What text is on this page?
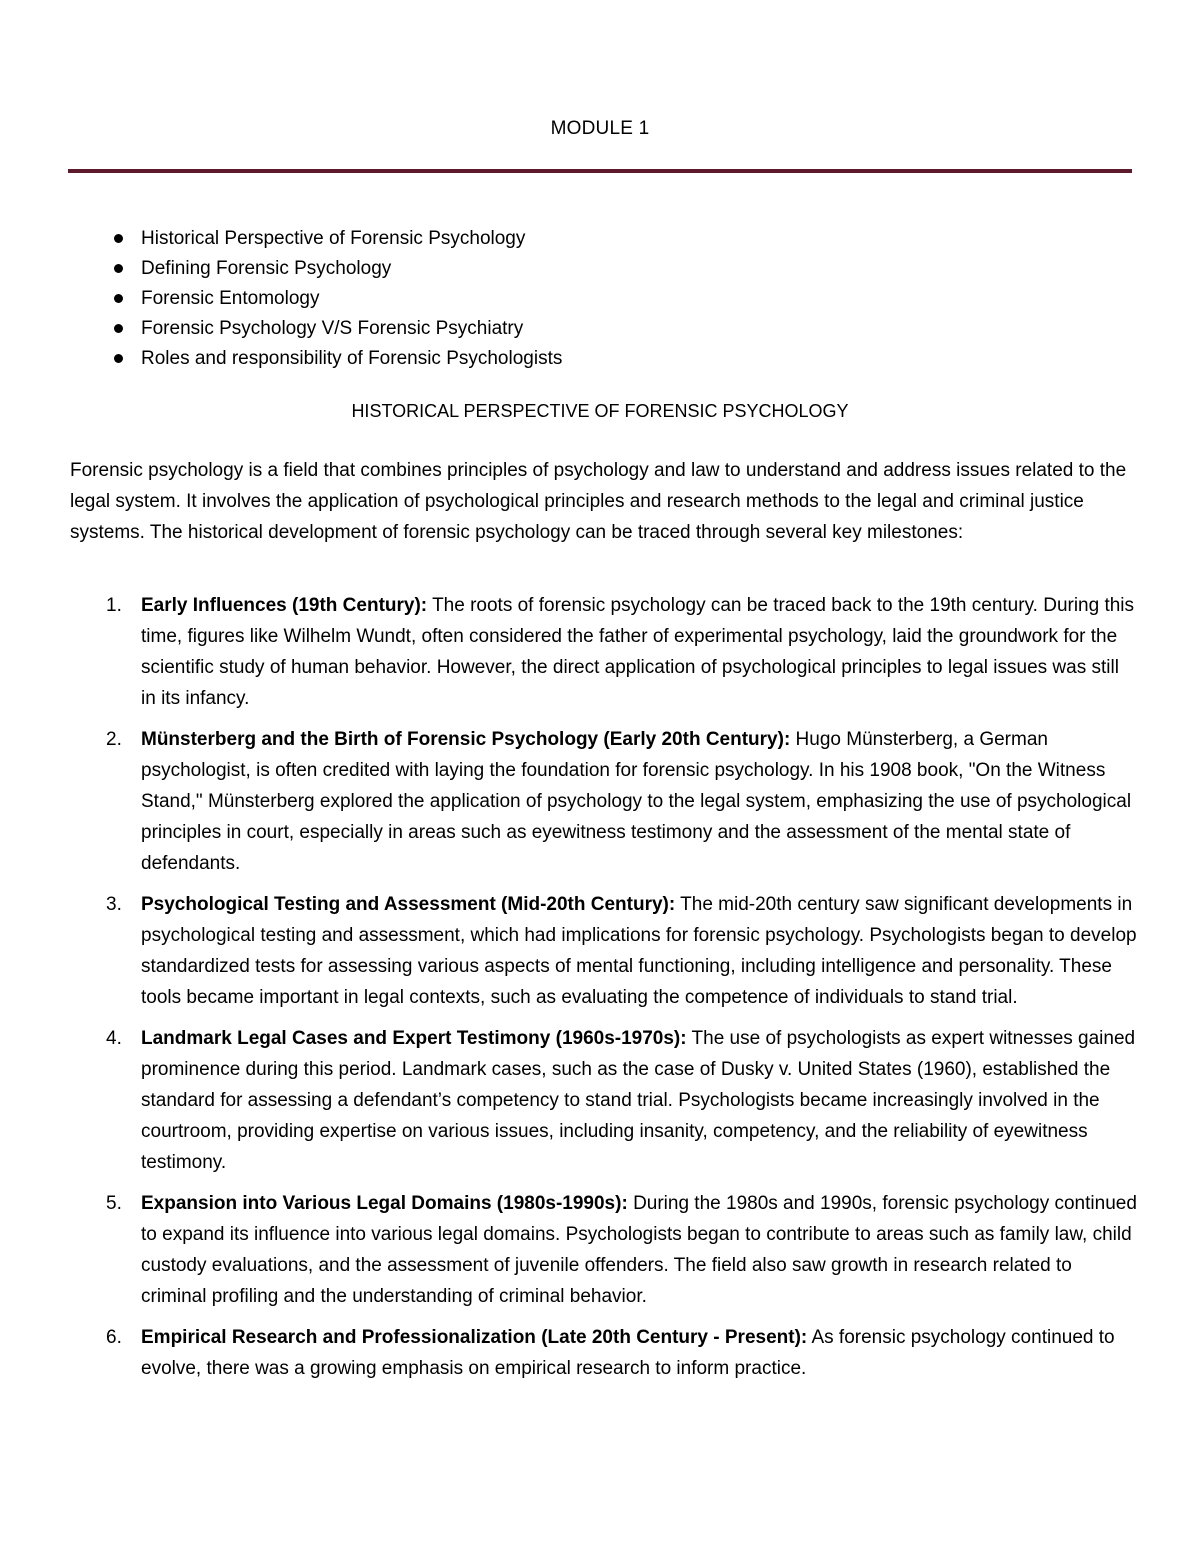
MODULE 1
Historical Perspective of Forensic Psychology
Defining Forensic Psychology
Forensic Entomology
Forensic Psychology V/S Forensic Psychiatry
Roles and responsibility of Forensic Psychologists
HISTORICAL PERSPECTIVE OF FORENSIC PSYCHOLOGY

Forensic psychology is a field that combines principles of psychology and law to understand and address issues related to the legal system. It involves the application of psychological principles and research methods to the legal and criminal justice systems. The historical development of forensic psychology can be traced through several key milestones:

1. Early Influences (19th Century): The roots of forensic psychology can be traced back to the 19th century. During this time, figures like Wilhelm Wundt, often considered the father of experimental psychology, laid the groundwork for the scientific study of human behavior. However, the direct application of psychological principles to legal issues was still in its infancy.
2. Münsterberg and the Birth of Forensic Psychology (Early 20th Century): Hugo Münsterberg, a German psychologist, is often credited with laying the foundation for forensic psychology. In his 1908 book, "On the Witness Stand," Münsterberg explored the application of psychology to the legal system, emphasizing the use of psychological principles in court, especially in areas such as eyewitness testimony and the assessment of the mental state of defendants.
3. Psychological Testing and Assessment (Mid-20th Century): The mid-20th century saw significant developments in psychological testing and assessment, which had implications for forensic psychology. Psychologists began to develop standardized tests for assessing various aspects of mental functioning, including intelligence and personality. These tools became important in legal contexts, such as evaluating the competence of individuals to stand trial.
4. Landmark Legal Cases and Expert Testimony (1960s-1970s): The use of psychologists as expert witnesses gained prominence during this period. Landmark cases, such as the case of Dusky v. United States (1960), established the standard for assessing a defendant’s competency to stand trial. Psychologists became increasingly involved in the courtroom, providing expertise on various issues, including insanity, competency, and the reliability of eyewitness testimony.
5. Expansion into Various Legal Domains (1980s-1990s): During the 1980s and 1990s, forensic psychology continued to expand its influence into various legal domains. Psychologists began to contribute to areas such as family law, child custody evaluations, and the assessment of juvenile offenders. The field also saw growth in research related to criminal profiling and the understanding of criminal behavior.
6. Empirical Research and Professionalization (Late 20th Century - Present): As forensic psychology continued to evolve, there was a growing emphasis on empirical research to inform practice.
